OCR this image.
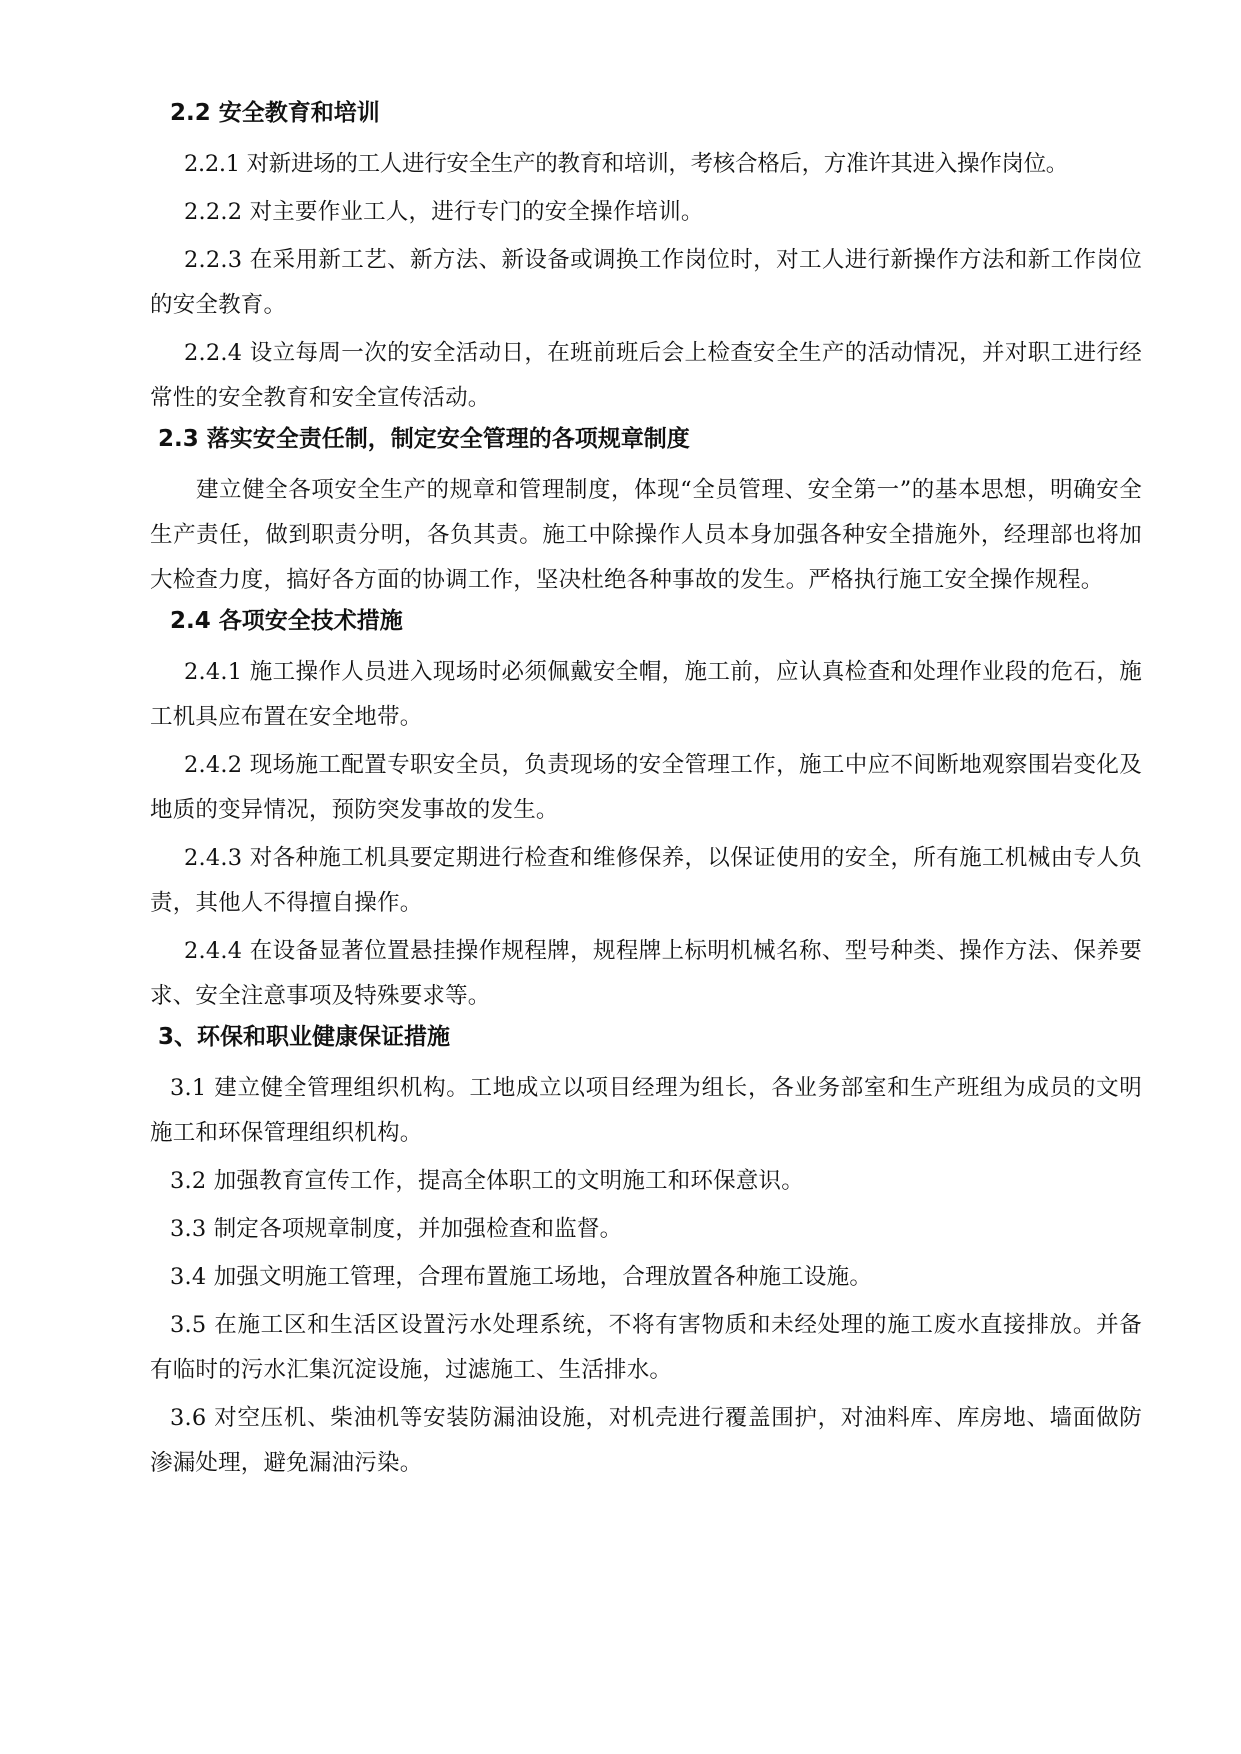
2.2 安全教育和培训

2.2.1 对新进场的工人进行安全生产的教育和培训，考核合格后，方准许其进入操作岗位。

2.2.2 对主要作业工人，进行专门的安全操作培训。

2.2.3 在采用新工艺、新方法、新设备或调换工作岗位时，对工人进行新操作方法和新工作岗位的安全教育。

2.2.4 设立每周一次的安全活动日，在班前班后会上检查安全生产的活动情况，并对职工进行经常性的安全教育和安全宣传活动。

2.3 落实安全责任制，制定安全管理的各项规章制度

建立健全各项安全生产的规章和管理制度，体现“全员管理、安全第一”的基本思想，明确安全生产责任，做到职责分明，各负其责。施工中除操作人员本身加强各种安全措施外，经理部也将加大检查力度，搞好各方面的协调工作，坚决杜绝各种事故的发生。严格执行施工安全操作规程。

2.4 各项安全技术措施

2.4.1 施工操作人员进入现场时必须佩戴安全帽，施工前，应认真检查和处理作业段的危石，施工机具应布置在安全地带。

2.4.2 现场施工配置专职安全员，负责现场的安全管理工作，施工中应不间断地观察围岩变化及地质的变异情况，预防突发事故的发生。

2.4.3 对各种施工机具要定期进行检查和维修保养，以保证使用的安全，所有施工机械由专人负责，其他人不得擅自操作。

2.4.4 在设备显著位置悬挂操作规程牌，规程牌上标明机械名称、型号种类、操作方法、保养要求、安全注意事项及特殊要求等。

3、环保和职业健康保证措施

3.1 建立健全管理组织机构。工地成立以项目经理为组长，各业务部室和生产班组为成员的文明施工和环保管理组织机构。

3.2 加强教育宣传工作，提高全体职工的文明施工和环保意识。

3.3 制定各项规章制度，并加强检查和监督。

3.4 加强文明施工管理，合理布置施工场地，合理放置各种施工设施。

3.5 在施工区和生活区设置污水处理系统，不将有害物质和未经处理的施工废水直接排放。并备有临时的污水汇集沉淀设施，过滤施工、生活排水。

3.6 对空压机、柴油机等安装防漏油设施，对机壳进行覆盖围护，对油料库、库房地、墙面做防渗漏处理，避免漏油污染。
